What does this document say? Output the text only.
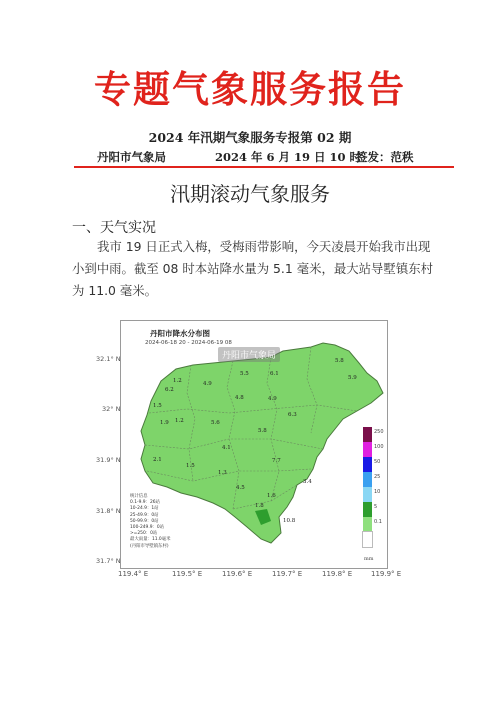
专题气象服务报告
2024 年汛期气象服务专报第 02 期
丹阳市气象局	2024 年 6 月 19 日 10 时
签发：范秩
汛期滚动气象服务
一、天气实况
我市 19 日正式入梅，受梅雨带影响，今天凌晨开始我市出现小到中雨。截至 08 时本站降水量为 5.1 毫米，最大站导墅镇东村为 11.0 毫米。
5.8
6.2
1.2	4.9
5.5	6.1
4.8	4.9
1.5
1.9 1.2	5.6
6.3
5.8
4.1
2.1	7.7
3.4
5.9
1.5
1.3
4.5
1.8
1.6
10.8
丹阳市降水分布图
2024-06-18 20 - 2024-06-19 08
丹阳市气象局
32.1° N
32° N
31.9° N
31.8° N
31.7° N
119.4° E	119.5° E	119.6° E	119.7° E	119.8° E	119.9° E
250
100
50
25
10
5
0.1
mm
统计信息
0.1-9.9：26站
10-24.9：1站
25-49.9：0站
50-99.9：0站
100-249.9：0站
>=250：0站
最大雨量：11.0毫米
(丹阳市导墅镇东村)
